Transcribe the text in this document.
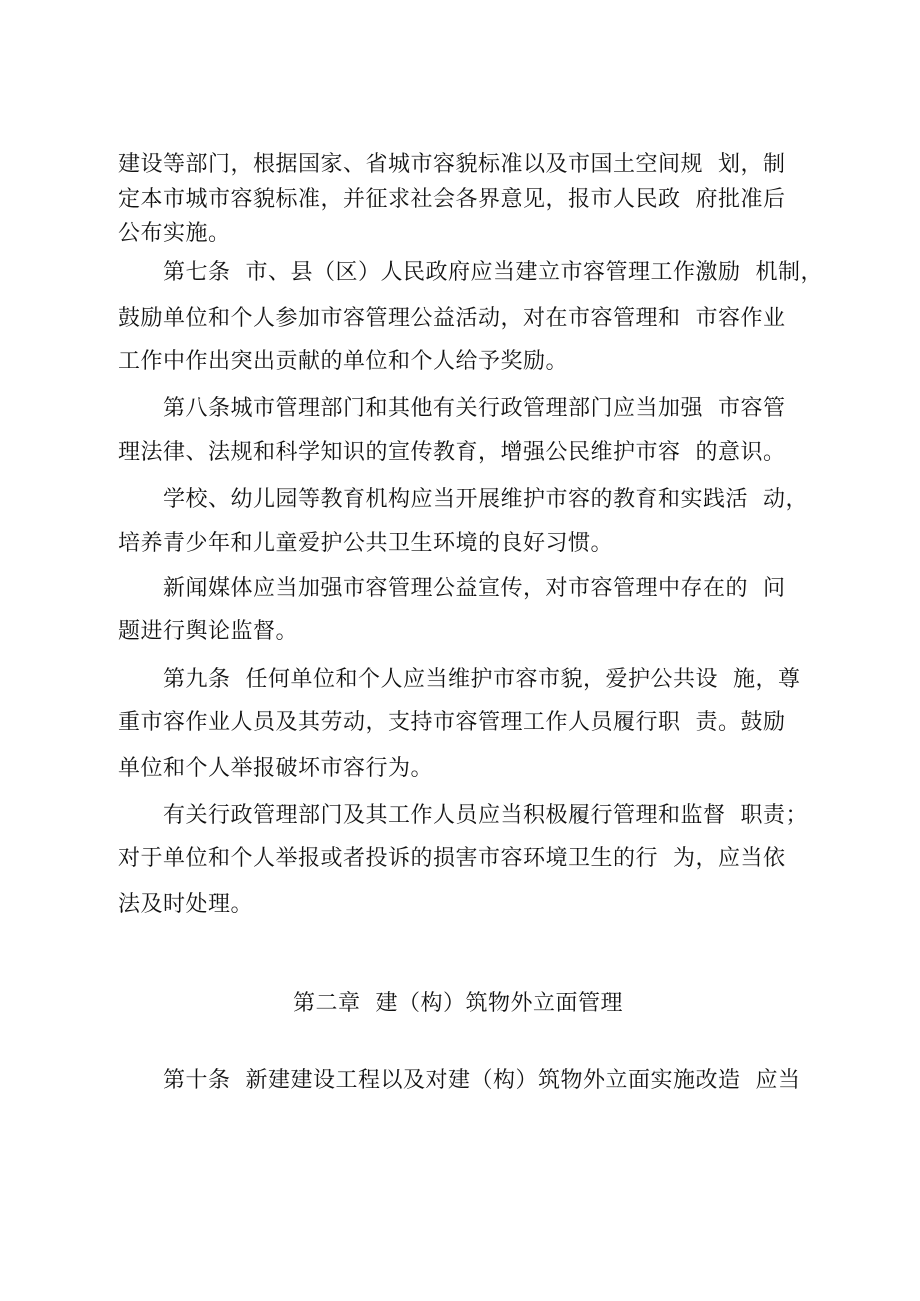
建设等部门，根据国家、省城市容貌标准以及市国土空间规  划，制
定本市城市容貌标准，并征求社会各界意见，报市人民政  府批准后
公布实施。
第七条  市、县（区）人民政府应当建立市容管理工作激励  机制，
鼓励单位和个人参加市容管理公益活动，对在市容管理和  市容作业
工作中作出突出贡献的单位和个人给予奖励。
第八条城市管理部门和其他有关行政管理部门应当加强  市容管
理法律、法规和科学知识的宣传教育，增强公民维护市容  的意识。
学校、幼儿园等教育机构应当开展维护市容的教育和实践活  动，
培养青少年和儿童爱护公共卫生环境的良好习惯。
新闻媒体应当加强市容管理公益宣传，对市容管理中存在的  问
题进行舆论监督。
第九条  任何单位和个人应当维护市容市貌，爱护公共设  施，尊
重市容作业人员及其劳动，支持市容管理工作人员履行职  责。鼓励
单位和个人举报破坏市容行为。
有关行政管理部门及其工作人员应当积极履行管理和监督  职责；
对于单位和个人举报或者投诉的损害市容环境卫生的行  为，应当依
法及时处理。
第二章  建（构）筑物外立面管理
第十条  新建建设工程以及对建（构）筑物外立面实施改造  应当
